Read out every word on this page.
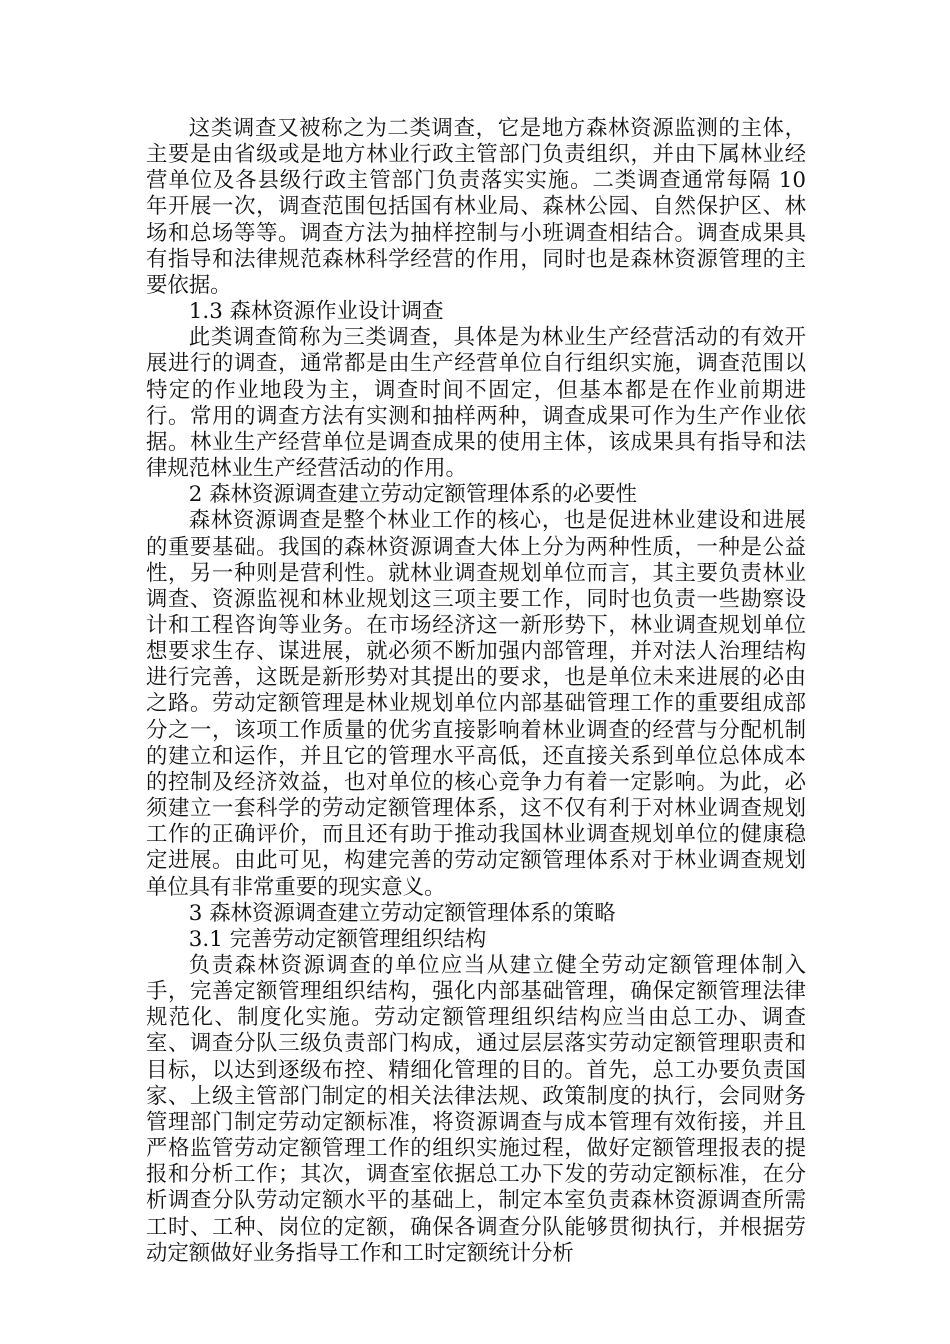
这类调查又被称之为二类调查，它是地方森林资源监测的主体，主要是由省级或是地方林业行政主管部门负责组织，并由下属林业经营单位及各县级行政主管部门负责落实实施。二类调查通常每隔 10 年开展一次，调查范围包括国有林业局、森林公园、自然保护区、林场和总场等等。调查方法为抽样控制与小班调查相结合。调查成果具有指导和法律规范森林科学经营的作用，同时也是森林资源管理的主要依据。

1.3 森林资源作业设计调查

此类调查简称为三类调查，具体是为林业生产经营活动的有效开展进行的调查，通常都是由生产经营单位自行组织实施，调查范围以特定的作业地段为主，调查时间不固定，但基本都是在作业前期进行。常用的调查方法有实测和抽样两种，调查成果可作为生产作业依据。林业生产经营单位是调查成果的使用主体，该成果具有指导和法律规范林业生产经营活动的作用。

2 森林资源调查建立劳动定额管理体系的必要性

森林资源调查是整个林业工作的核心，也是促进林业建设和进展的重要基础。我国的森林资源调查大体上分为两种性质，一种是公益性，另一种则是营利性。就林业调查规划单位而言，其主要负责林业调查、资源监视和林业规划这三项主要工作，同时也负责一些勘察设计和工程咨询等业务。在市场经济这一新形势下，林业调查规划单位想要求生存、谋进展，就必须不断加强内部管理，并对法人治理结构进行完善，这既是新形势对其提出的要求，也是单位未来进展的必由之路。劳动定额管理是林业规划单位内部基础管理工作的重要组成部分之一，该项工作质量的优劣直接影响着林业调查的经营与分配机制的建立和运作，并且它的管理水平高低，还直接关系到单位总体成本的控制及经济效益，也对单位的核心竞争力有着一定影响。为此，必须建立一套科学的劳动定额管理体系，这不仅有利于对林业调查规划工作的正确评价，而且还有助于推动我国林业调查规划单位的健康稳定进展。由此可见，构建完善的劳动定额管理体系对于林业调查规划单位具有非常重要的现实意义。

3 森林资源调查建立劳动定额管理体系的策略

3.1 完善劳动定额管理组织结构

负责森林资源调查的单位应当从建立健全劳动定额管理体制入手，完善定额管理组织结构，强化内部基础管理，确保定额管理法律规范化、制度化实施。劳动定额管理组织结构应当由总工办、调查室、调查分队三级负责部门构成，通过层层落实劳动定额管理职责和目标，以达到逐级布控、精细化管理的目的。首先，总工办要负责国家、上级主管部门制定的相关法律法规、政策制度的执行，会同财务管理部门制定劳动定额标准，将资源调查与成本管理有效衔接，并且严格监管劳动定额管理工作的组织实施过程，做好定额管理报表的提报和分析工作；其次，调查室依据总工办下发的劳动定额标准，在分析调查分队劳动定额水平的基础上，制定本室负责森林资源调查所需工时、工种、岗位的定额，确保各调查分队能够贯彻执行，并根据劳动定额做好业务指导工作和工时定额统计分析
